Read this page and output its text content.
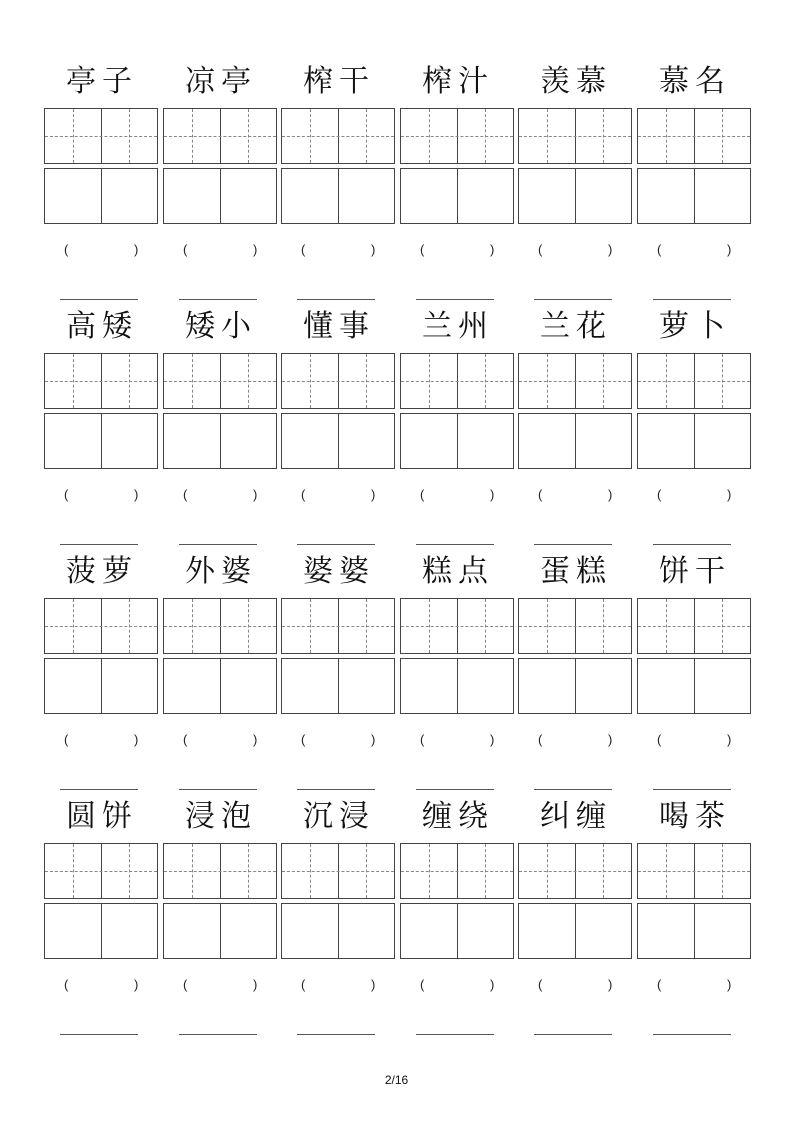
亭子
(	)
凉亭
(	)
榨干
(	)
榨汁
(	)
羡慕
(	)
慕名
(	)
高矮
(	)
矮小
(	)
懂事
(	)
兰州
(	)
兰花
(	)
萝卜
(	)
菠萝
(	)
外婆
(	)
婆婆
(	)
糕点
(	)
蛋糕
(	)
饼干
(	)
圆饼
(	)
浸泡
(	)
沉浸
(	)
缠绕
(	)
纠缠
(	)
喝茶
(	)
2/16
